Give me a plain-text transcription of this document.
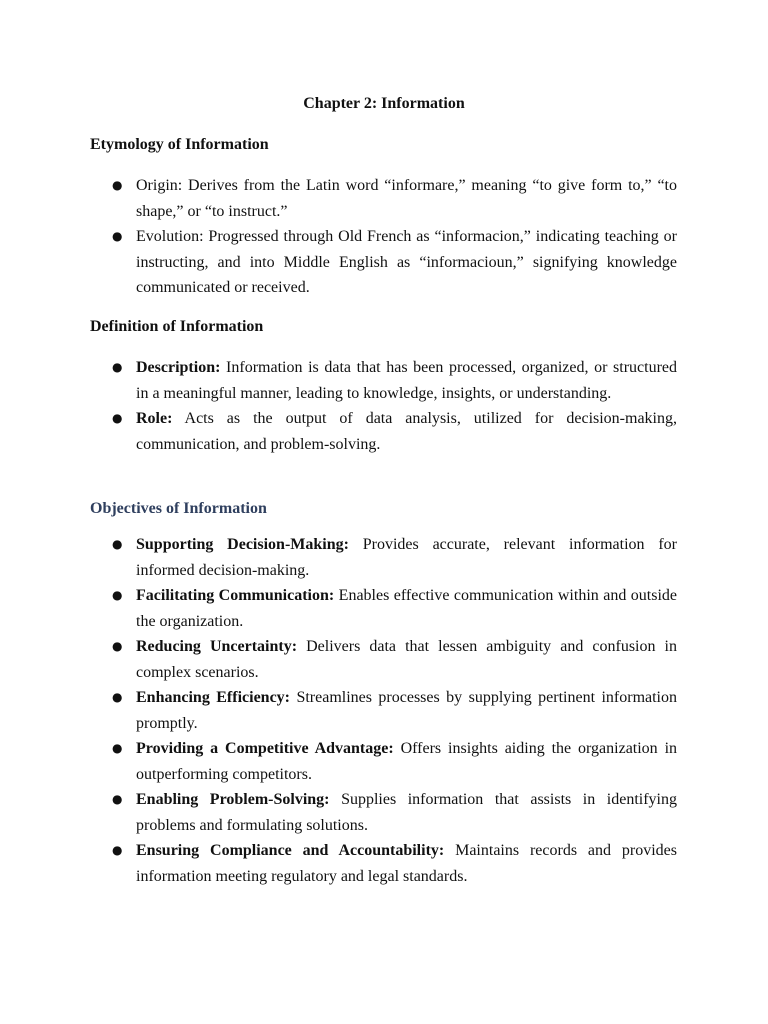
Chapter 2: Information
Etymology of Information
● Origin: Derives from the Latin word “informare,” meaning “to give form to,” “to shape,” or “to instruct.”
● Evolution: Progressed through Old French as “informacion,” indicating teaching or instructing, and into Middle English as “informacioun,” signifying knowledge communicated or received.
Definition of Information
● Description: Information is data that has been processed, organized, or structured in a meaningful manner, leading to knowledge, insights, or understanding.
● Role: Acts as the output of data analysis, utilized for decision-making, communication, and problem-solving.
Objectives of Information
● Supporting Decision-Making: Provides accurate, relevant information for informed decision-making.
● Facilitating Communication: Enables effective communication within and outside the organization.
● Reducing Uncertainty: Delivers data that lessen ambiguity and confusion in complex scenarios.
● Enhancing Efficiency: Streamlines processes by supplying pertinent information promptly.
● Providing a Competitive Advantage: Offers insights aiding the organization in outperforming competitors.
● Enabling Problem-Solving: Supplies information that assists in identifying problems and formulating solutions.
● Ensuring Compliance and Accountability: Maintains records and provides information meeting regulatory and legal standards.
